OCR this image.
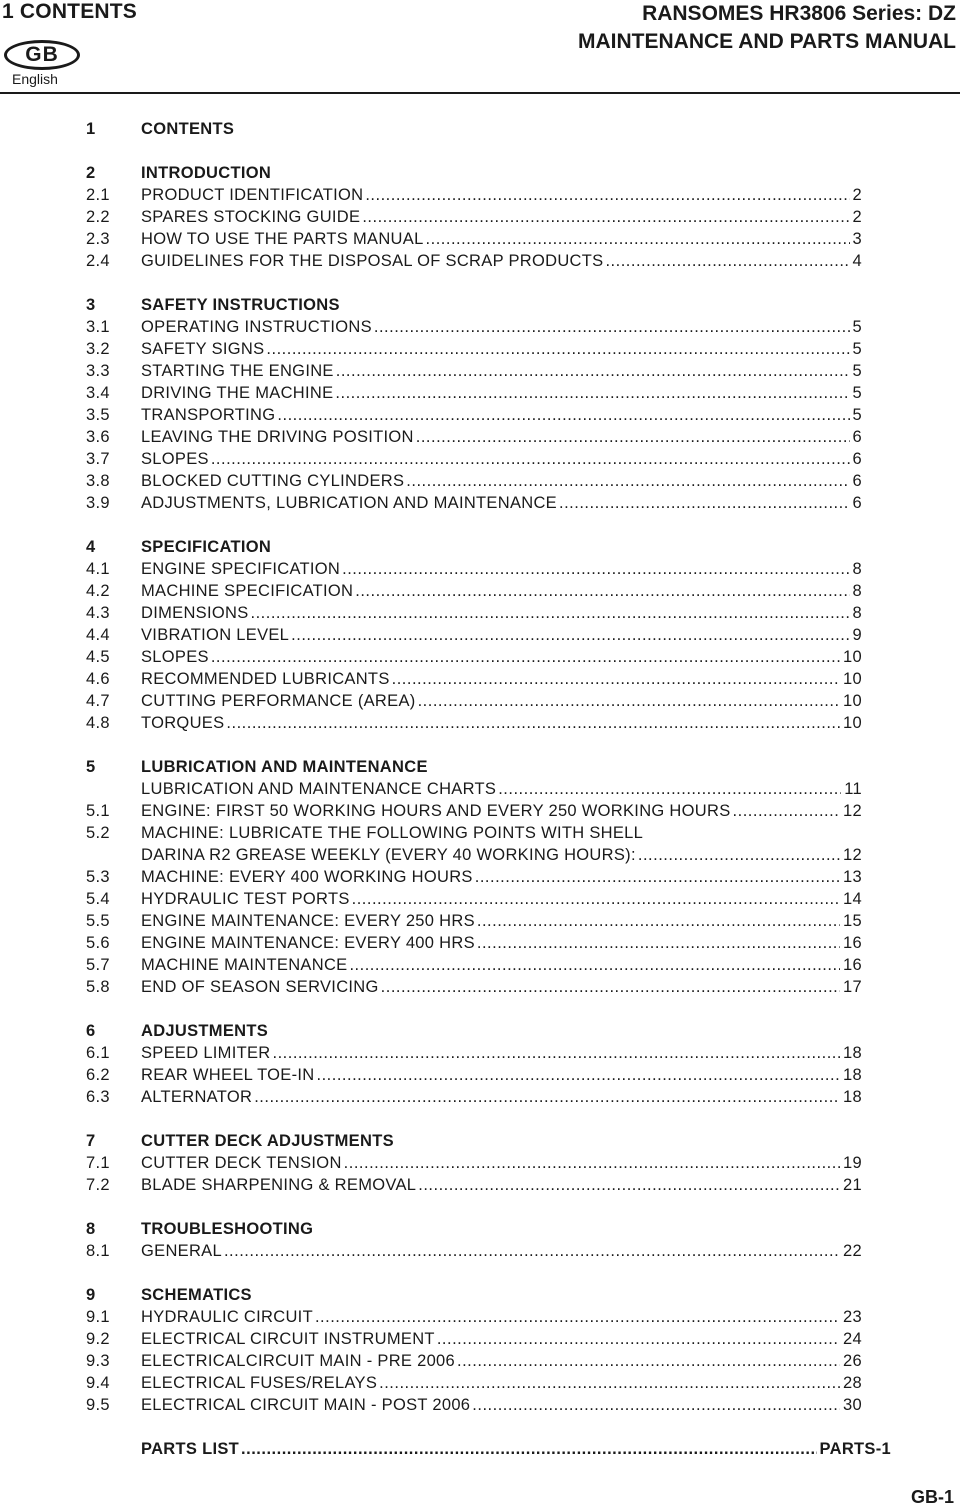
1 CONTENTS	RANSOMES HR3806 Series: DZ
MAINTENANCE AND PARTS MANUAL
GB
English
1	CONTENTS
2	INTRODUCTION
2.1 PRODUCT IDENTIFICATION .....	2
2.2 SPARES STOCKING GUIDE .....	2
2.3 HOW TO USE THE PARTS MANUAL .....	3
2.4 GUIDELINES FOR THE DISPOSAL OF SCRAP PRODUCTS .....	4
3	SAFETY INSTRUCTIONS
3.1 OPERATING INSTRUCTIONS .....	5
3.2 SAFETY SIGNS .....	5
3.3 STARTING THE ENGINE .....	5
3.4 DRIVING THE MACHINE .....	5
3.5 TRANSPORTING .....	5
3.6 LEAVING THE DRIVING POSITION .....	6
3.7 SLOPES .....	6
3.8 BLOCKED CUTTING CYLINDERS .....	6
3.9 ADJUSTMENTS, LUBRICATION AND MAINTENANCE .....	6
4	SPECIFICATION
4.1 ENGINE SPECIFICATION .....	8
4.2 MACHINE SPECIFICATION .....	8
4.3 DIMENSIONS .....	8
4.4 VIBRATION LEVEL .....	9
4.5 SLOPES .....	10
4.6 RECOMMENDED LUBRICANTS .....	10
4.7 CUTTING PERFORMANCE (AREA) .....	10
4.8 TORQUES .....	10
5	LUBRICATION AND MAINTENANCE
LUBRICATION AND MAINTENANCE CHARTS .....	11
5.1 ENGINE: FIRST 50 WORKING HOURS AND EVERY 250 WORKING HOURS .....	12
5.2 MACHINE: LUBRICATE THE FOLLOWING POINTS WITH SHELL
DARINA R2 GREASE WEEKLY (EVERY 40 WORKING HOURS): .....	12
5.3 MACHINE: EVERY 400 WORKING HOURS .....	13
5.4 HYDRAULIC TEST PORTS .....	14
5.5 ENGINE MAINTENANCE: EVERY 250 HRS .....	15
5.6 ENGINE MAINTENANCE: EVERY 400 HRS .....	16
5.7 MACHINE MAINTENANCE .....	16
5.8 END OF SEASON SERVICING .....	17
6	ADJUSTMENTS
6.1 SPEED LIMITER .....	18
6.2 REAR WHEEL TOE-IN .....	18
6.3 ALTERNATOR .....	18
7	CUTTER DECK ADJUSTMENTS
7.1 CUTTER DECK TENSION .....	19
7.2 BLADE SHARPENING & REMOVAL .....	21
8	TROUBLESHOOTING
8.1 GENERAL .....	22
9	SCHEMATICS
9.1 HYDRAULIC CIRCUIT .....	23
9.2 ELECTRICAL CIRCUIT INSTRUMENT .....	24
9.3 ELECTRICALCIRCUIT MAIN - PRE 2006 .....	26
9.4 ELECTRICAL FUSES/RELAYS .....	28
9.5 ELECTRICAL CIRCUIT MAIN - POST 2006 .....	30
PARTS LIST .....	PARTS-1
GB-1
